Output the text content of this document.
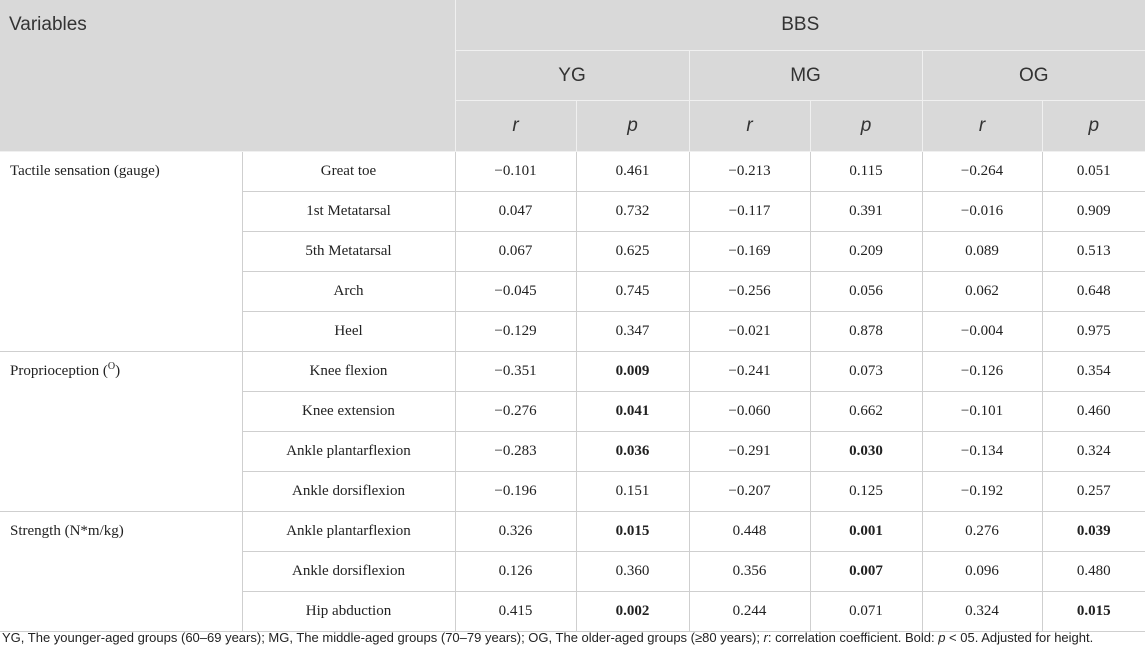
Variables		BBS					
		YG		MG		OG	
		r	p	r	p	r	p
Tactile sensation (gauge)	Great toe	−0.101	0.461	−0.213	0.115	−0.264	0.051
	1st Metatarsal	0.047	0.732	−0.117	0.391	−0.016	0.909
	5th Metatarsal	0.067	0.625	−0.169	0.209	0.089	0.513
	Arch	−0.045	0.745	−0.256	0.056	0.062	0.648
	Heel	−0.129	0.347	−0.021	0.878	−0.004	0.975
Proprioception ($^O$)	Knee flexion	−0.351	0.009	−0.241	0.073	−0.126	0.354
	Knee extension	−0.276	0.041	−0.060	0.662	−0.101	0.460
	Ankle plantarflexion	−0.283	0.036	−0.291	0.030	−0.134	0.324
	Ankle dorsiflexion	−0.196	0.151	−0.207	0.125	−0.192	0.257
Strength (N*m/kg)	Ankle plantarflexion	0.326	0.015	0.448	0.001	0.276	0.039
	Ankle dorsiflexion	0.126	0.360	0.356	0.007	0.096	0.480
	Hip abduction	0.415	0.002	0.244	0.071	0.324	0.015
YG, The younger-aged groups (60–69 years); MG, The middle-aged groups (70–79 years); OG, The older-aged groups (≥80 years); r: correlation coefficient. Bold: p < 05. Adjusted for height.
